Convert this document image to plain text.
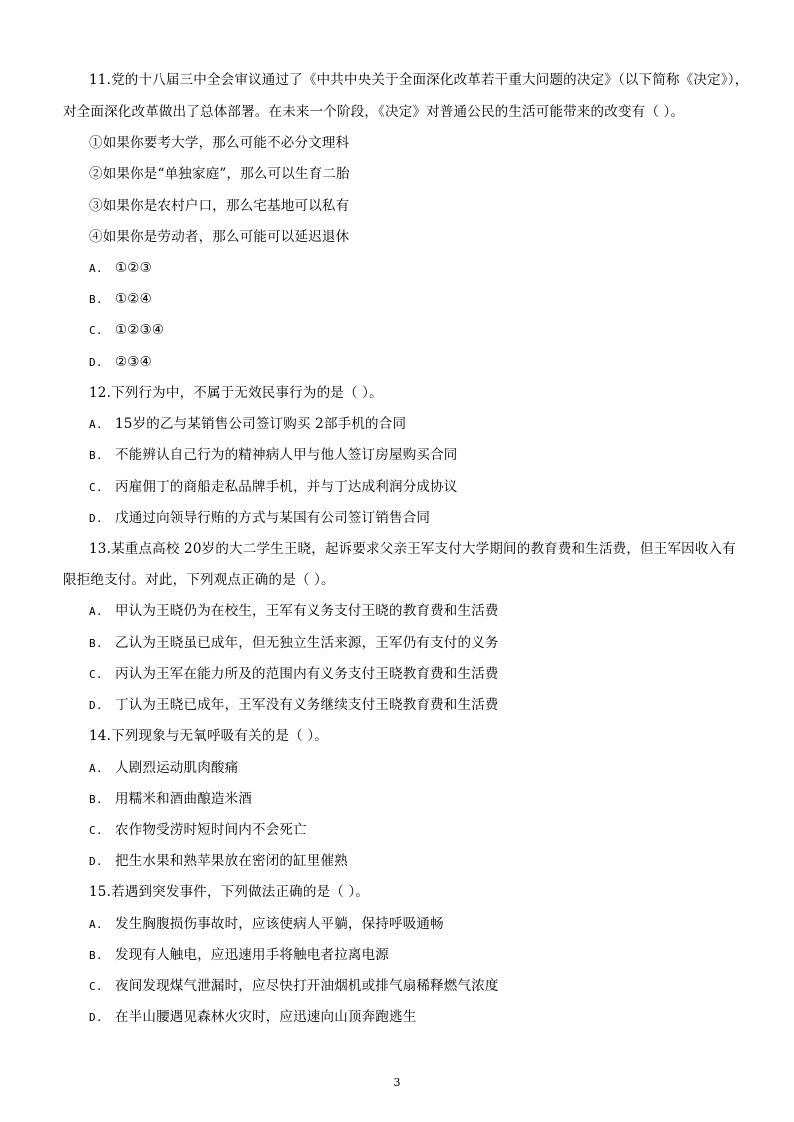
11.党的十八届三中全会审议通过了《中共中央关于全面深化改革若干重大问题的决定》（以下简称《决定》），
对全面深化改革做出了总体部署。在未来一个阶段，《决定》对普通公民的生活可能带来的改变有（ ）。
①如果你要考大学，那么可能不必分文理科
②如果你是“单独家庭”，那么可以生育二胎
③如果你是农村户口，那么宅基地可以私有
④如果你是劳动者，那么可能可以延迟退休
A. ①②③
B. ①②④
C. ①②③④
D. ②③④
12.下列行为中，不属于无效民事行为的是（ ）。
A. 15岁的乙与某销售公司签订购买 2部手机的合同
B. 不能辨认自己行为的精神病人甲与他人签订房屋购买合同
C. 丙雇佣丁的商船走私品牌手机，并与丁达成利润分成协议
D. 戊通过向领导行贿的方式与某国有公司签订销售合同
13.某重点高校 20岁的大二学生王晓，起诉要求父亲王军支付大学期间的教育费和生活费，但王军因收入有
限拒绝支付。对此，下列观点正确的是（ ）。
A. 甲认为王晓仍为在校生，王军有义务支付王晓的教育费和生活费
B. 乙认为王晓虽已成年，但无独立生活来源，王军仍有支付的义务
C. 丙认为王军在能力所及的范围内有义务支付王晓教育费和生活费
D. 丁认为王晓已成年，王军没有义务继续支付王晓教育费和生活费
14.下列现象与无氧呼吸有关的是（ ）。
A. 人剧烈运动肌肉酸痛
B. 用糯米和酒曲酿造米酒
C. 农作物受涝时短时间内不会死亡
D. 把生水果和熟苹果放在密闭的缸里催熟
15.若遇到突发事件，下列做法正确的是（ ）。
A. 发生胸腹损伤事故时，应该使病人平躺，保持呼吸通畅
B. 发现有人触电，应迅速用手将触电者拉离电源
C. 夜间发现煤气泄漏时，应尽快打开油烟机或排气扇稀释燃气浓度
D. 在半山腰遇见森林火灾时，应迅速向山顶奔跑逃生
3
